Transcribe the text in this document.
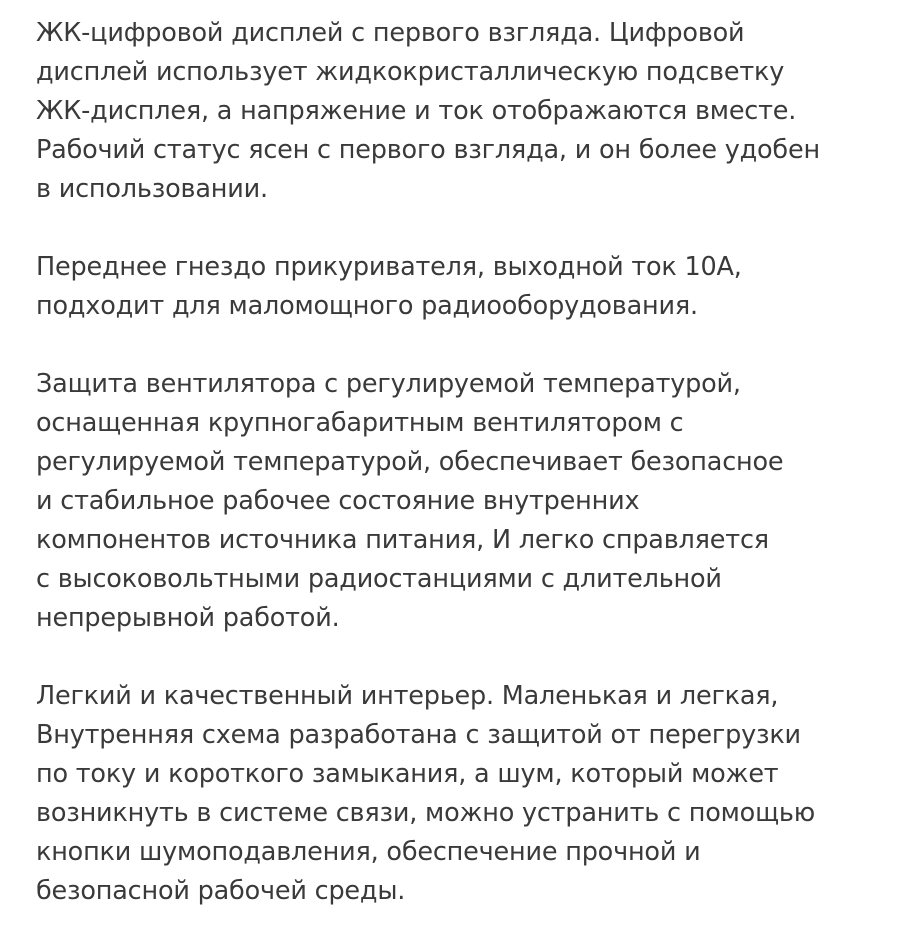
ЖК-цифровой дисплей с первого взгляда. Цифровой
дисплей использует жидкокристаллическую подсветку
ЖК-дисплея, а напряжение и ток отображаются вместе.
Рабочий статус ясен с первого взгляда, и он более удобен
в использовании.
Переднее гнездо прикуривателя, выходной ток 10А,
подходит для маломощного радиооборудования.
Защита вентилятора с регулируемой температурой,
оснащенная крупногабаритным вентилятором с
регулируемой температурой, обеспечивает безопасное
и стабильное рабочее состояние внутренних
компонентов источника питания, И легко справляется
с высоковольтными радиостанциями с длительной
непрерывной работой.
Легкий и качественный интерьер. Маленькая и легкая,
Внутренняя схема разработана с защитой от перегрузки
по току и короткого замыкания, а шум, который может
возникнуть в системе связи, можно устранить с помощью
кнопки шумоподавления, обеспечение прочной и
безопасной рабочей среды.
